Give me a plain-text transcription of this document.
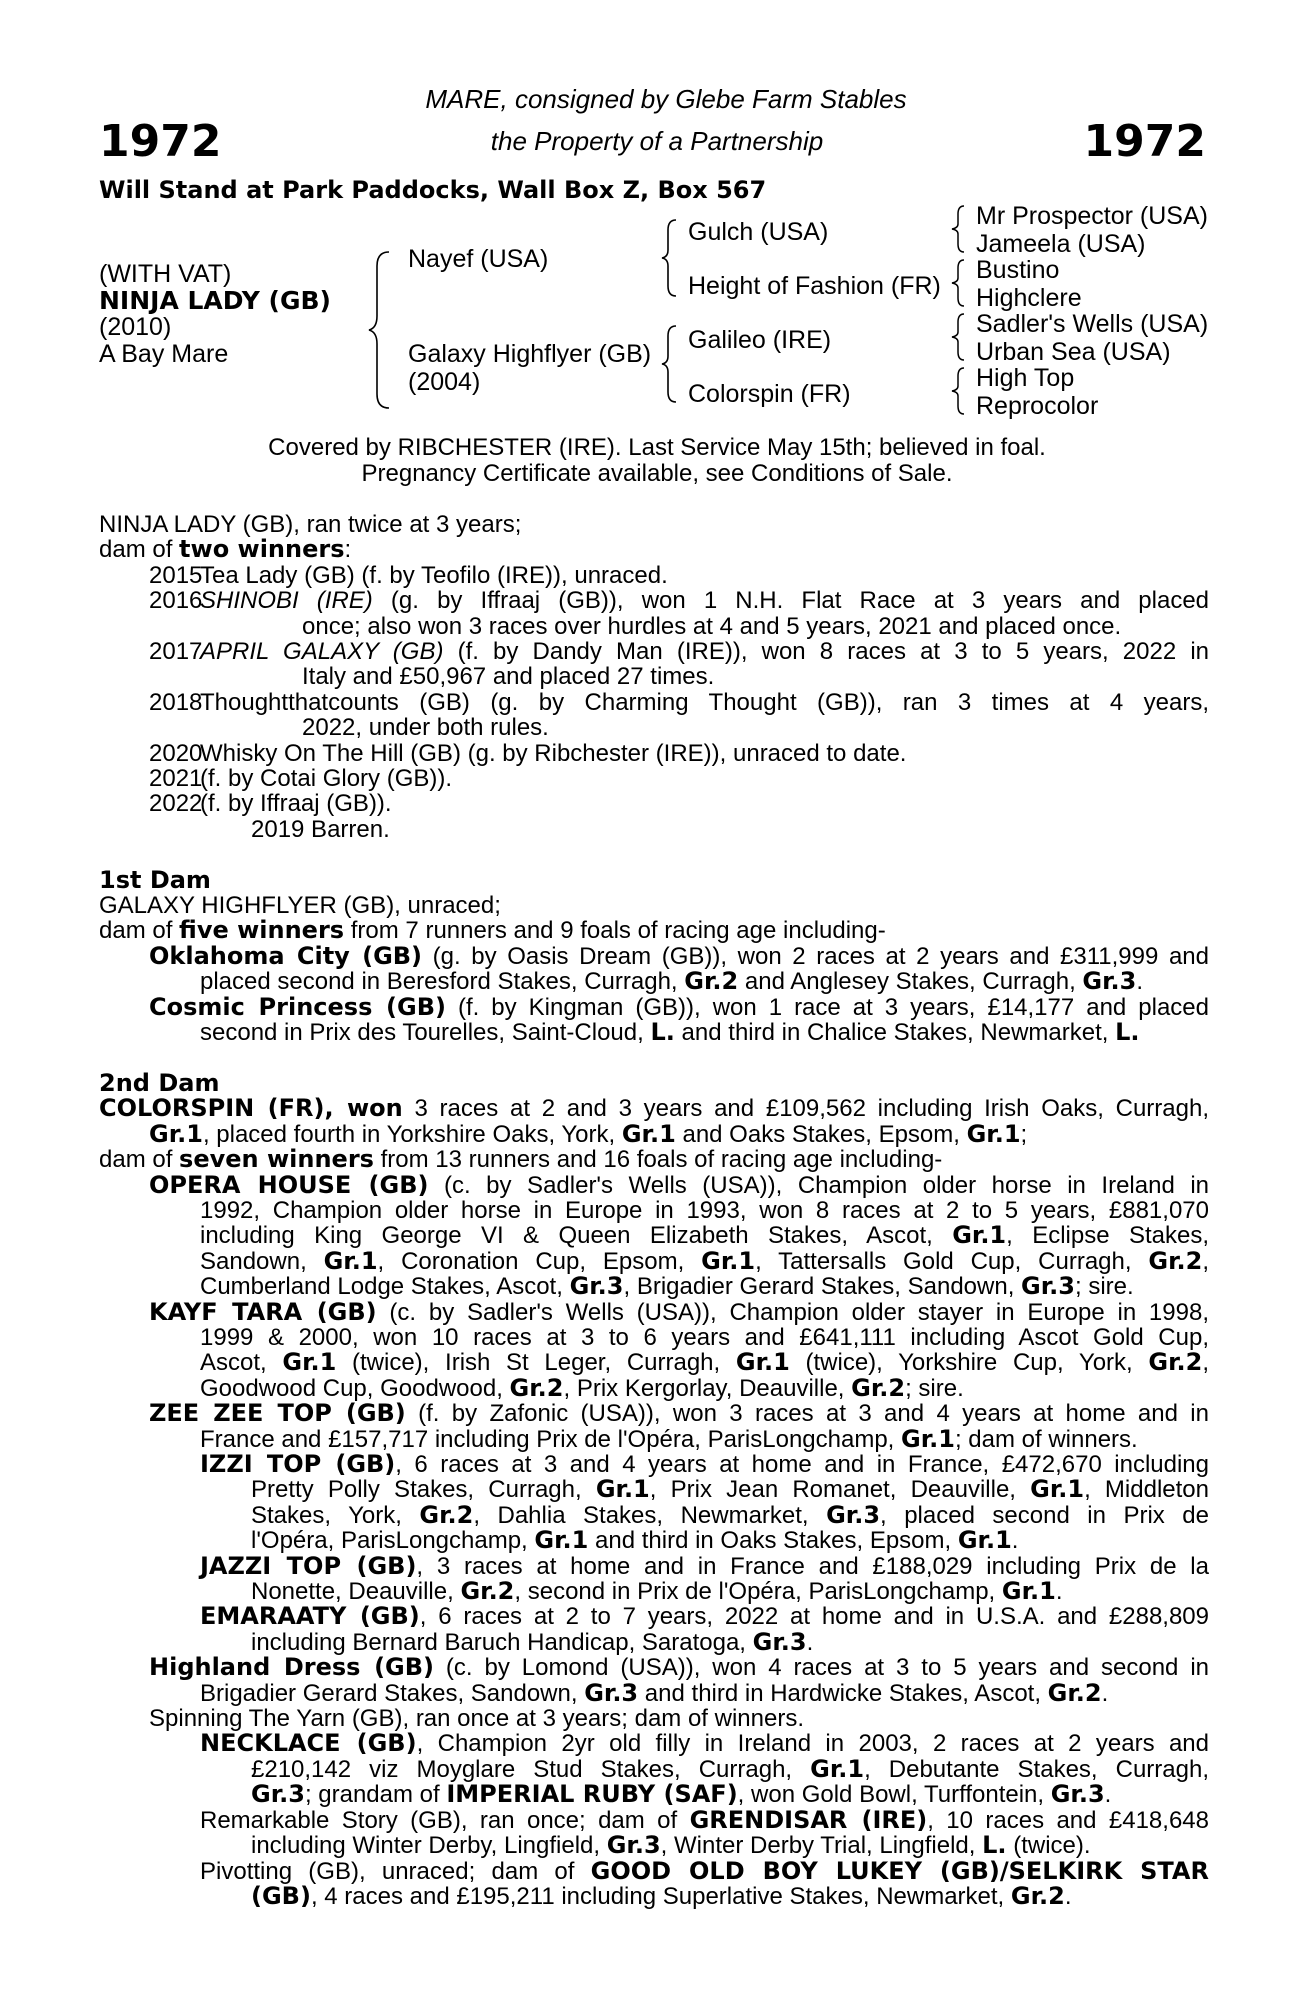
1972	1972
MARE, consigned by Glebe Farm Stables
the Property of a Partnership
Will Stand at Park Paddocks, Wall Box Z, Box 567
(WITH VAT)
NINJA LADY (GB)
(2010)
A Bay Mare
Nayef (USA)
Galaxy Highflyer (GB)
(2004)
Gulch (USA)
Height of Fashion (FR)
Galileo (IRE)
Colorspin (FR)
Mr Prospector (USA)
Jameela (USA)
Bustino
Highclere
Sadler's Wells (USA)
Urban Sea (USA)
High Top
Reprocolor
Covered by RIBCHESTER (IRE). Last Service May 15th; believed in foal.
Pregnancy Certificate available, see Conditions of Sale.
NINJA LADY (GB), ran twice at 3 years;
dam of two winners:
2015Tea Lady (GB) (f. by Teofilo (IRE)), unraced.
2016SHINOBI (IRE) (g. by Iffraaj (GB)), won 1 N.H. Flat Race at 3 years and placed
once; also won 3 races over hurdles at 4 and 5 years, 2021 and placed once.
2017APRIL GALAXY (GB) (f. by Dandy Man (IRE)), won 8 races at 3 to 5 years, 2022 in
Italy and £50,967 and placed 27 times.
2018Thoughtthatcounts (GB) (g. by Charming Thought (GB)), ran 3 times at 4 years,
2022, under both rules.
2020Whisky On The Hill (GB) (g. by Ribchester (IRE)), unraced to date.
2021(f. by Cotai Glory (GB)).
2022(f. by Iffraaj (GB)).
2019 Barren.
1st Dam
GALAXY HIGHFLYER (GB), unraced;
dam of five winners from 7 runners and 9 foals of racing age including-
Oklahoma City (GB) (g. by Oasis Dream (GB)), won 2 races at 2 years and £311,999 and
placed second in Beresford Stakes, Curragh, Gr.2 and Anglesey Stakes, Curragh, Gr.3.
Cosmic Princess (GB) (f. by Kingman (GB)), won 1 race at 3 years, £14,177 and placed
second in Prix des Tourelles, Saint-Cloud, L. and third in Chalice Stakes, Newmarket, L.
2nd Dam
COLORSPIN (FR), won 3 races at 2 and 3 years and £109,562 including Irish Oaks, Curragh,
Gr.1, placed fourth in Yorkshire Oaks, York, Gr.1 and Oaks Stakes, Epsom, Gr.1;
dam of seven winners from 13 runners and 16 foals of racing age including-
OPERA HOUSE (GB) (c. by Sadler's Wells (USA)), Champion older horse in Ireland in
1992, Champion older horse in Europe in 1993, won 8 races at 2 to 5 years, £881,070
including King George VI & Queen Elizabeth Stakes, Ascot, Gr.1, Eclipse Stakes,
Sandown, Gr.1, Coronation Cup, Epsom, Gr.1, Tattersalls Gold Cup, Curragh, Gr.2,
Cumberland Lodge Stakes, Ascot, Gr.3, Brigadier Gerard Stakes, Sandown, Gr.3; sire.
KAYF TARA (GB) (c. by Sadler's Wells (USA)), Champion older stayer in Europe in 1998,
1999 & 2000, won 10 races at 3 to 6 years and £641,111 including Ascot Gold Cup,
Ascot, Gr.1 (twice), Irish St Leger, Curragh, Gr.1 (twice), Yorkshire Cup, York, Gr.2,
Goodwood Cup, Goodwood, Gr.2, Prix Kergorlay, Deauville, Gr.2; sire.
ZEE ZEE TOP (GB) (f. by Zafonic (USA)), won 3 races at 3 and 4 years at home and in
France and £157,717 including Prix de l'Opéra, ParisLongchamp, Gr.1; dam of winners.
IZZI TOP (GB), 6 races at 3 and 4 years at home and in France, £472,670 including
Pretty Polly Stakes, Curragh, Gr.1, Prix Jean Romanet, Deauville, Gr.1, Middleton
Stakes, York, Gr.2, Dahlia Stakes, Newmarket, Gr.3, placed second in Prix de
l'Opéra, ParisLongchamp, Gr.1 and third in Oaks Stakes, Epsom, Gr.1.
JAZZI TOP (GB), 3 races at home and in France and £188,029 including Prix de la
Nonette, Deauville, Gr.2, second in Prix de l'Opéra, ParisLongchamp, Gr.1.
EMARAATY (GB), 6 races at 2 to 7 years, 2022 at home and in U.S.A. and £288,809
including Bernard Baruch Handicap, Saratoga, Gr.3.
Highland Dress (GB) (c. by Lomond (USA)), won 4 races at 3 to 5 years and second in
Brigadier Gerard Stakes, Sandown, Gr.3 and third in Hardwicke Stakes, Ascot, Gr.2.
Spinning The Yarn (GB), ran once at 3 years; dam of winners.
NECKLACE (GB), Champion 2yr old filly in Ireland in 2003, 2 races at 2 years and
£210,142 viz Moyglare Stud Stakes, Curragh, Gr.1, Debutante Stakes, Curragh,
Gr.3; grandam of IMPERIAL RUBY (SAF), won Gold Bowl, Turffontein, Gr.3.
Remarkable Story (GB), ran once; dam of GRENDISAR (IRE), 10 races and £418,648
including Winter Derby, Lingfield, Gr.3, Winter Derby Trial, Lingfield, L. (twice).
Pivotting (GB), unraced; dam of GOOD OLD BOY LUKEY (GB)/SELKIRK STAR
(GB), 4 races and £195,211 including Superlative Stakes, Newmarket, Gr.2.
